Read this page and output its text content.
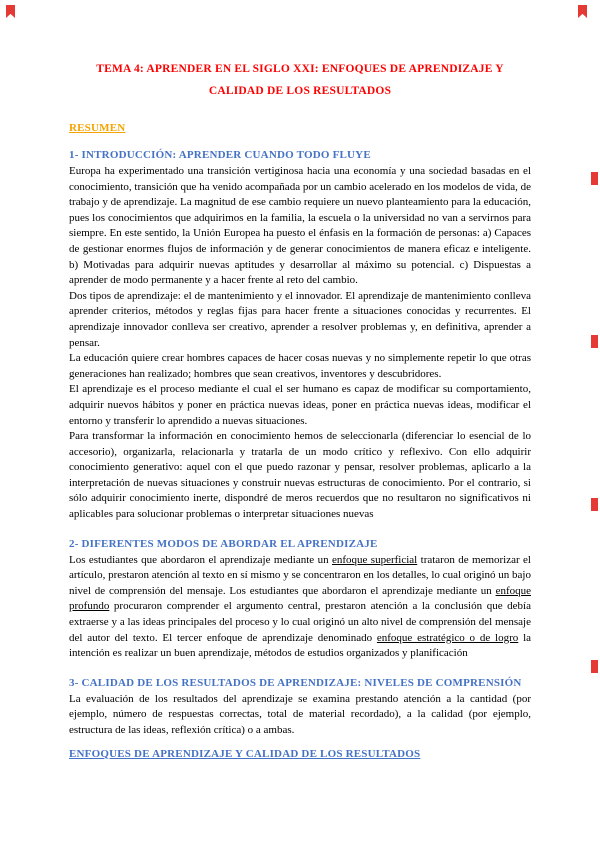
TEMA 4: APRENDER EN EL SIGLO XXI: ENFOQUES DE APRENDIZAJE Y CALIDAD DE LOS RESULTADOS
RESUMEN
1- INTRODUCCIÓN: APRENDER CUANDO TODO FLUYE

Europa ha experimentado una transición vertiginosa hacia una economía y una sociedad basadas en el conocimiento, transición que ha venido acompañada por un cambio acelerado en los modelos de vida, de trabajo y de aprendizaje. La magnitud de ese cambio requiere un nuevo planteamiento para la educación, pues los conocimientos que adquirimos en la familia, la escuela o la universidad no van a servirnos para siempre. En este sentido, la Unión Europea ha puesto el énfasis en la formación de personas: a) Capaces de gestionar enormes flujos de información y de generar conocimientos de manera eficaz e inteligente. b) Motivadas para adquirir nuevas aptitudes y desarrollar al máximo su potencial. c) Dispuestas a aprender de modo permanente y a hacer frente al reto del cambio.

Dos tipos de aprendizaje: el de mantenimiento y el innovador. El aprendizaje de mantenimiento conlleva aprender criterios, métodos y reglas fijas para hacer frente a situaciones conocidas y recurrentes. El aprendizaje innovador conlleva ser creativo, aprender a resolver problemas y, en definitiva, aprender a pensar.

La educación quiere crear hombres capaces de hacer cosas nuevas y no simplemente repetir lo que otras generaciones han realizado; hombres que sean creativos, inventores y descubridores.

El aprendizaje es el proceso mediante el cual el ser humano es capaz de modificar su comportamiento, adquirir nuevos hábitos y poner en práctica nuevas ideas, poner en práctica nuevas ideas, modificar el entorno y transferir lo aprendido a nuevas situaciones.

Para transformar la información en conocimiento hemos de seleccionarla (diferenciar lo esencial de lo accesorio), organizarla, relacionarla y tratarla de un modo crítico y reflexivo. Con ello adquirir conocimiento generativo: aquel con el que puedo razonar y pensar, resolver problemas, aplicarlo a la interpretación de nuevas situaciones y construir nuevas estructuras de conocimiento. Por el contrario, si sólo adquirir conocimiento inerte, dispondré de meros recuerdos que no resultaron no significativos ni aplicables para solucionar problemas o interpretar situaciones nuevas

2- DIFERENTES MODOS DE ABORDAR EL APRENDIZAJE

Los estudiantes que abordaron el aprendizaje mediante un enfoque superficial trataron de memorizar el artículo, prestaron atención al texto en sí mismo y se concentraron en los detalles, lo cual originó un bajo nivel de comprensión del mensaje. Los estudiantes que abordaron el aprendizaje mediante un enfoque profundo procuraron comprender el argumento central, prestaron atención a la conclusión que debía extraerse y a las ideas principales del proceso y lo cual originó un alto nivel de comprensión del mensaje del autor del texto. El tercer enfoque de aprendizaje denominado enfoque estratégico o de logro la intención es realizar un buen aprendizaje, métodos de estudios organizados y planificación

3- CALIDAD DE LOS RESULTADOS DE APRENDIZAJE: NIVELES DE COMPRENSIÓN

La evaluación de los resultados del aprendizaje se examina prestando atención a la cantidad (por ejemplo, número de respuestas correctas, total de material recordado), a la calidad (por ejemplo, estructura de las ideas, reflexión crítica) o a ambas.

ENFOQUES DE APRENDIZAJE Y CALIDAD DE LOS RESULTADOS
